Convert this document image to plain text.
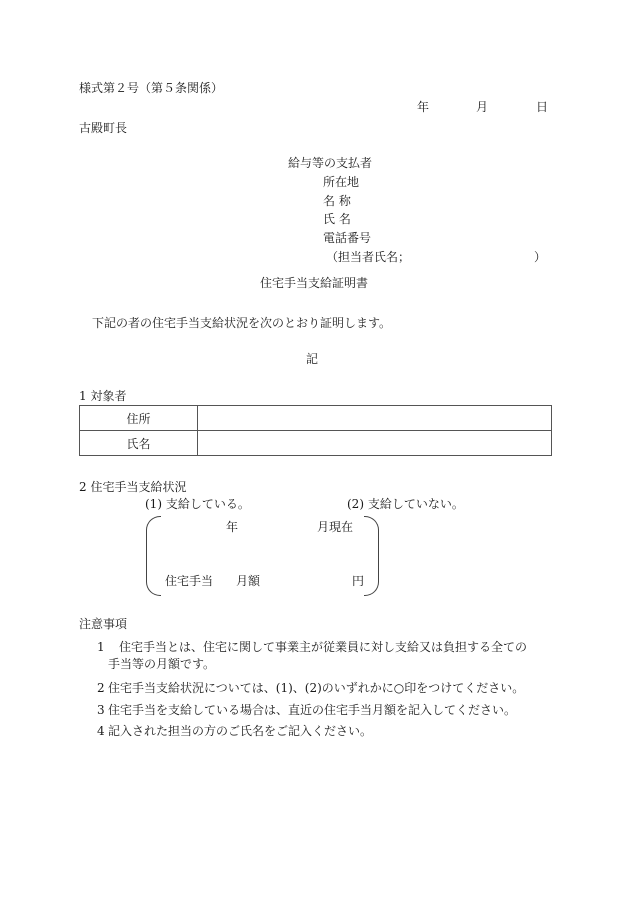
様式第２号（第５条関係）
年	月	日
古殿町長
給与等の支払者
所在地
名 称
氏 名
電話番号
（担当者氏名；	）
住宅手当支給証明書
下記の者の住宅手当支給状況を次のとおり証明します。
記
1 対象者
住所	
氏名	
2 住宅手当支給状況
(1) 支給している。	(2) 支給していない。
年	月現在
住宅手当 月額	円
注意事項
1 住宅手当とは、住宅に関して事業主が従業員に対し支給又は負担する全ての
手当等の月額です。
2 住宅手当支給状況については、(1)、(2)のいずれかに○印をつけてください。
3 住宅手当を支給している場合は、直近の住宅手当月額を記入してください。
4 記入された担当の方のご氏名をご記入ください。
